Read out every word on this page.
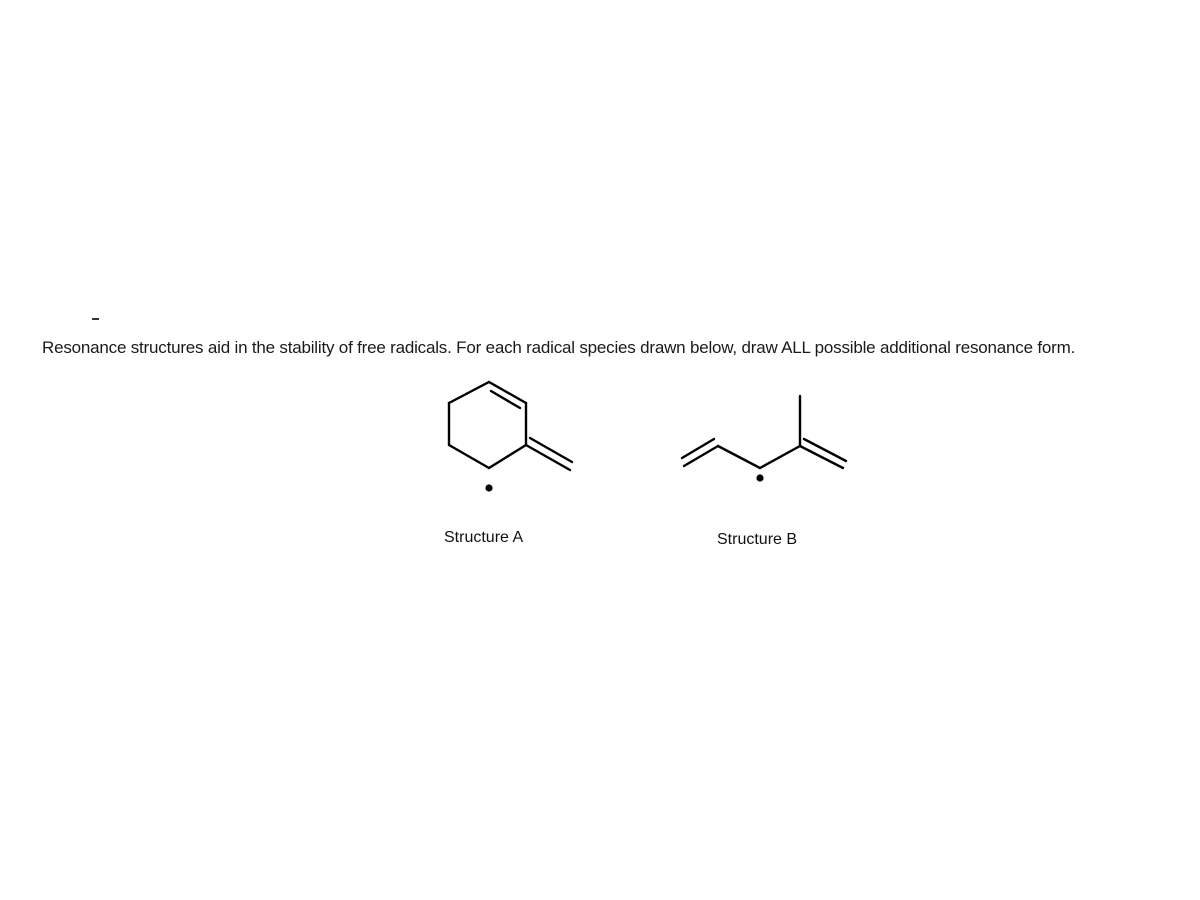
Resonance structures aid in the stability of free radicals. For each radical species drawn below, draw ALL possible additional resonance form.
Structure A	Structure B
